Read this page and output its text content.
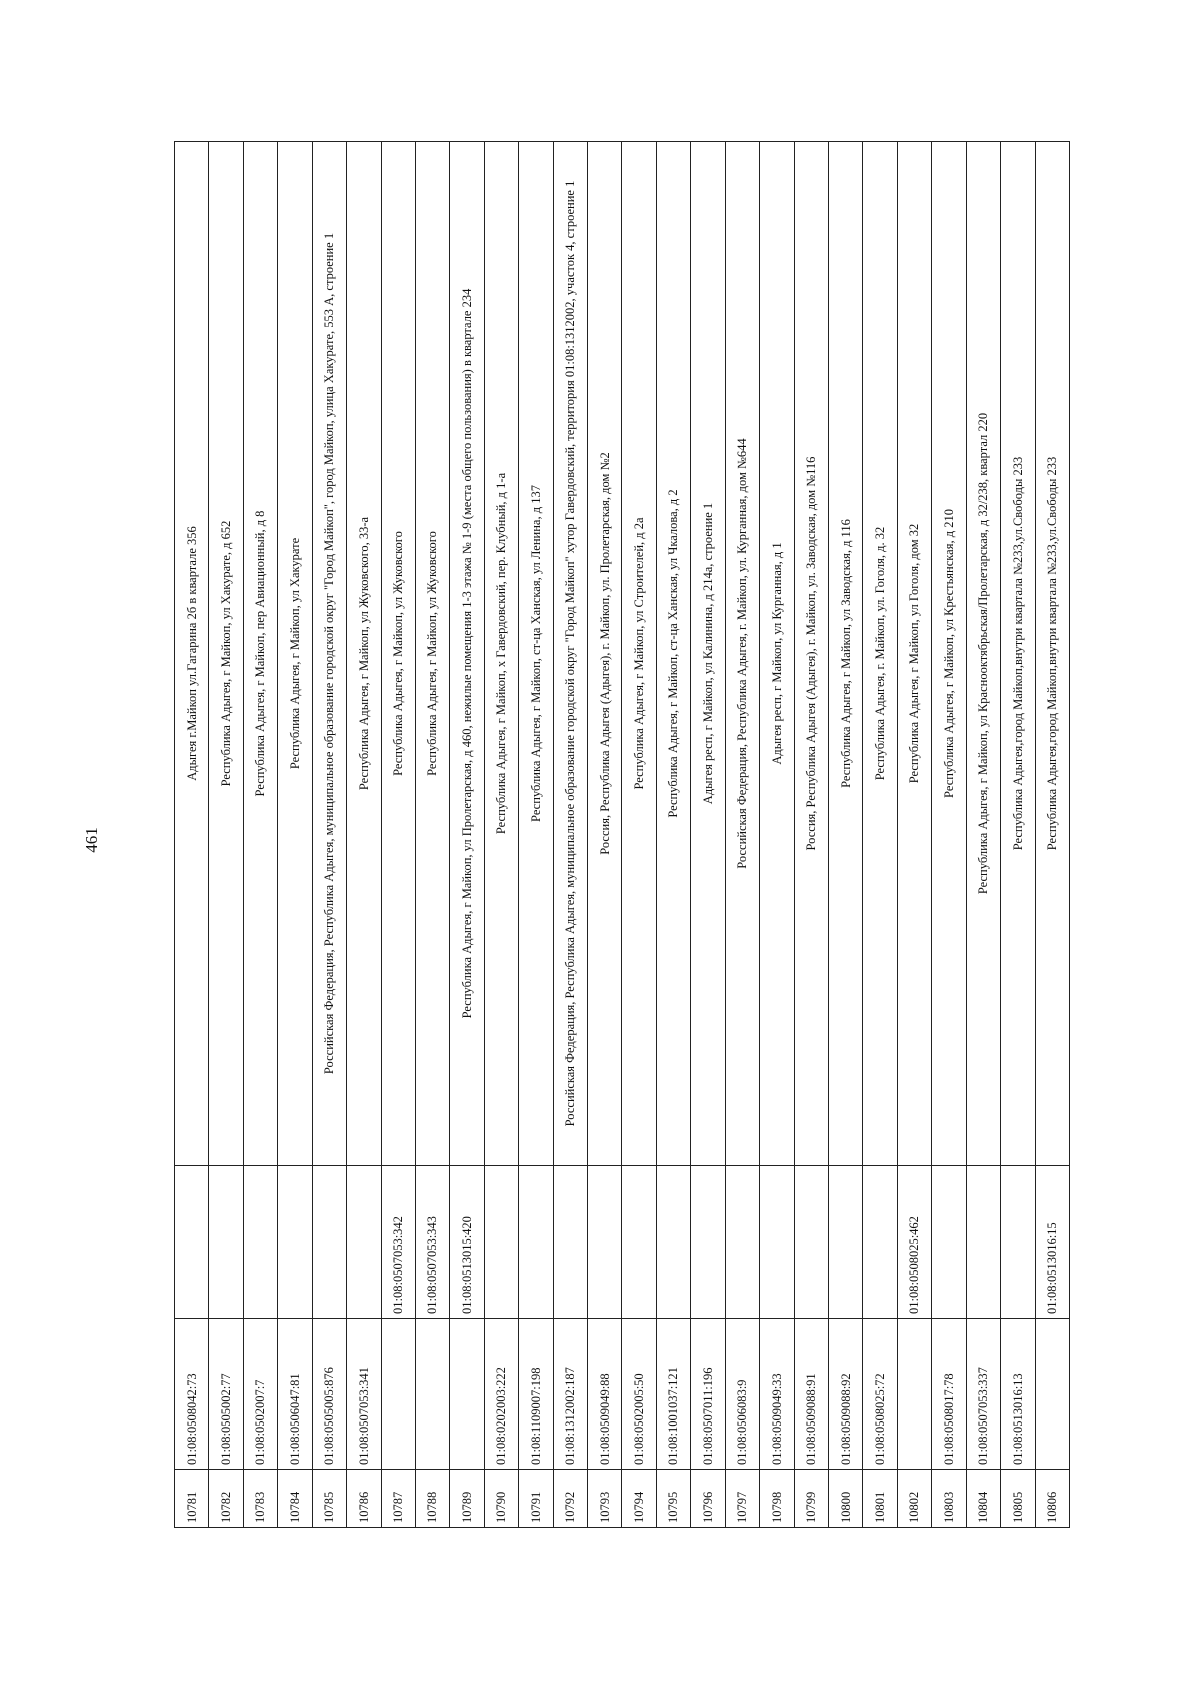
461
10781	01:08:0508042:73		Адыгея г.Майкоп ул.Гагарина 2б в квартале 356
10782	01:08:0505002:77		Республика Адыгея, г Майкоп, ул Хакурате, д 652
10783	01:08:0502007:7		Республика Адыгея, г Майкоп, пер Авиационный, д 8
10784	01:08:0506047:81		Республика Адыгея, г Майкоп, ул Хакурате
10785	01:08:0505005:876		Российская Федерация, Республика Адыгея, муниципальное образование городской округ "Город Майкоп", город Майкоп, улица Хакурате, 553 А, строение 1
10786	01:08:0507053:341		Республика Адыгея, г Майкоп, ул Жуковского, 33-а
10787		01:08:0507053:342	Республика Адыгея, г Майкоп, ул Жуковского
10788		01:08:0507053:343	Республика Адыгея, г Майкоп, ул Жуковского
10789		01:08:0513015:420	Республика Адыгея, г Майкоп, ул Пролетарская, д 460, нежилые помещения 1-3 этажа № 1-9 (места общего пользования) в квартале 234
10790	01:08:0202003:222		Республика Адыгея, г Майкоп, х Гавердовский, пер. Клубный, д 1-а
10791	01:08:1109007:198		Республика Адыгея, г Майкоп, ст-ца Ханская, ул Ленина, д 137
10792	01:08:1312002:187		Российская Федерация, Республика Адыгея, муниципальное образование городской округ "Город Майкоп" хутор Гавердовский, территория 01:08:1312002, участок 4, строение 1
10793	01:08:0509049:88		Россия, Республика Адыгея (Адыгея), г. Майкоп, ул. Пролетарская, дом №2
10794	01:08:0502005:50		Республика Адыгея, г Майкоп, ул Строителей, д 2а
10795	01:08:1001037:121		Республика Адыгея, г Майкоп, ст-ца Ханская, ул Чкалова, д 2
10796	01:08:0507011:196		Адыгея респ, г Майкоп, ул Калинина, д 214а, строение 1
10797	01:08:0506083:9		Российская Федерация, Республика Адыгея, г. Майкоп, ул. Курганная, дом №644
10798	01:08:0509049:33		Адыгея респ, г Майкоп, ул Курганная, д 1
10799	01:08:0509088:91		Россия, Республика Адыгея (Адыгея), г. Майкоп, ул. Заводская, дом №116
10800	01:08:0509088:92		Республика Адыгея, г Майкоп, ул Заводская, д 116
10801	01:08:0508025:72		Республика Адыгея, г. Майкоп, ул. Гоголя, д. 32
10802		01:08:0508025:462	Республика Адыгея, г Майкоп, ул Гоголя, дом 32
10803	01:08:0508017:78		Республика Адыгея, г Майкоп, ул Крестьянская, д 210
10804	01:08:0507053:337		Республика Адыгея, г Майкоп, ул Краснооктябрьская/Пролетарская, д 32/238, квартал 220
10805	01:08:0513016:13		Республика Адыгея,город Майкоп,внутри квартала №233,ул.Свободы 233
10806		01:08:0513016:15	Республика Адыгея,город Майкоп,внутри квартала №233,ул.Свободы 233
